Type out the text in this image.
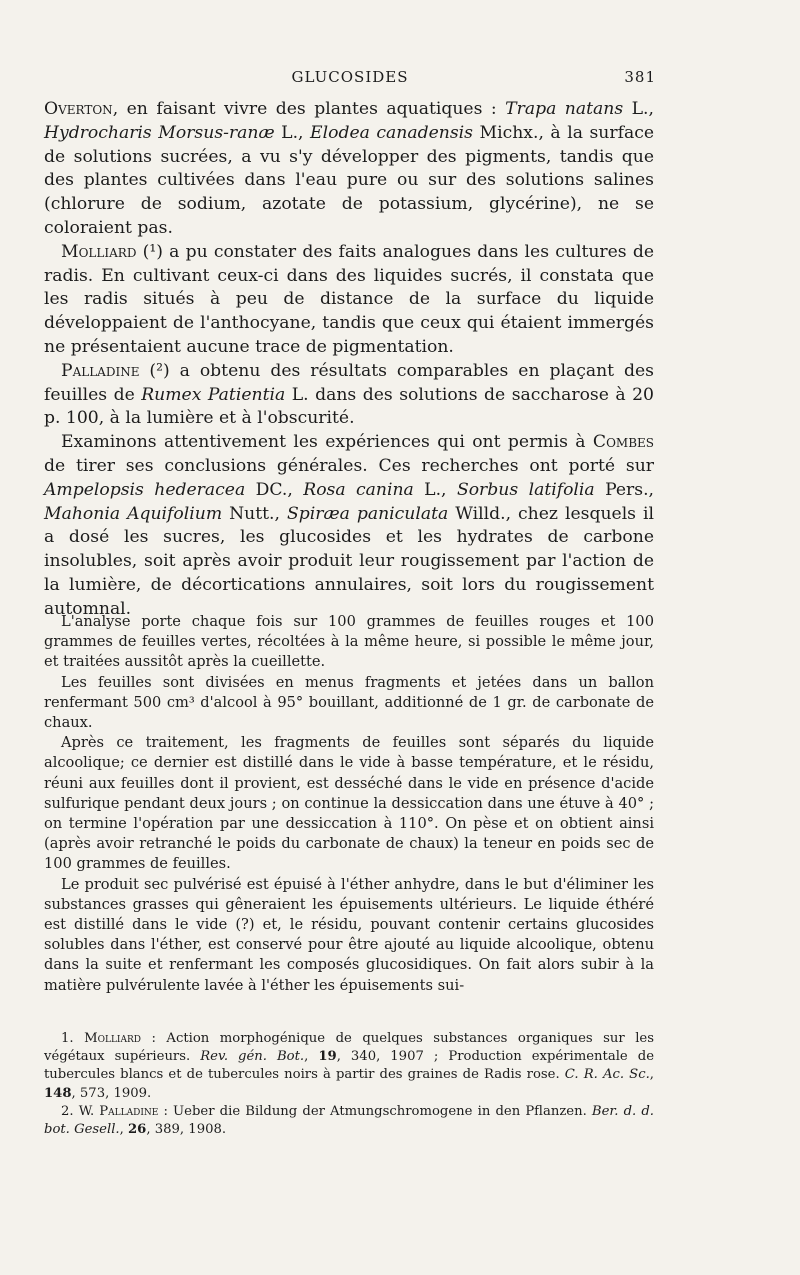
GLUCOSIDES	381

Overton, en faisant vivre des plantes aquatiques : Trapa natans L., Hydrocharis Morsus-ranæ L., Elodea canadensis Michx., à la surface de solutions sucrées, a vu s'y développer des pigments, tandis que des plantes cultivées dans l'eau pure ou sur des solutions salines (chlorure de sodium, azotate de potassium, glycérine), ne se coloraient pas.

Molliard (¹) a pu constater des faits analogues dans les cultures de radis. En cultivant ceux-ci dans des liquides sucrés, il constata que les radis situés à peu de distance de la surface du liquide développaient de l'anthocyane, tandis que ceux qui étaient immergés ne présentaient aucune trace de pigmentation.

Palladine (²) a obtenu des résultats comparables en plaçant des feuilles de Rumex Patientia L. dans des solutions de saccharose à 20 p. 100, à la lumière et à l'obscurité.

Examinons attentivement les expériences qui ont permis à Combes de tirer ses conclusions générales. Ces recherches ont porté sur Ampelopsis hederacea DC., Rosa canina L., Sorbus latifolia Pers., Mahonia Aquifolium Nutt., Spiræa paniculata Willd., chez lesquels il a dosé les sucres, les glucosides et les hydrates de carbone insolubles, soit après avoir produit leur rougissement par l'action de la lumière, de décortications annulaires, soit lors du rougissement automnal.

L'analyse porte chaque fois sur 100 grammes de feuilles rouges et 100 grammes de feuilles vertes, récoltées à la même heure, si possible le même jour, et traitées aussitôt après la cueillette.

Les feuilles sont divisées en menus fragments et jetées dans un ballon renfermant 500 cm³ d'alcool à 95° bouillant, additionné de 1 gr. de carbonate de chaux.

Après ce traitement, les fragments de feuilles sont séparés du liquide alcoolique; ce dernier est distillé dans le vide à basse température, et le résidu, réuni aux feuilles dont il provient, est desséché dans le vide en présence d'acide sulfurique pendant deux jours ; on continue la dessiccation dans une étuve à 40° ; on termine l'opération par une dessiccation à 110°. On pèse et on obtient ainsi (après avoir retranché le poids du carbonate de chaux) la teneur en poids sec de 100 grammes de feuilles.

Le produit sec pulvérisé est épuisé à l'éther anhydre, dans le but d'éliminer les substances grasses qui gêneraient les épuisements ultérieurs. Le liquide éthéré est distillé dans le vide (?) et, le résidu, pouvant contenir certains glucosides solubles dans l'éther, est conservé pour être ajouté au liquide alcoolique, obtenu dans la suite et renfermant les composés glucosidiques. On fait alors subir à la matière pulvérulente lavée à l'éther les épuisements sui-

1. Molliard : Action morphogénique de quelques substances organiques sur les végétaux supérieurs. Rev. gén. Bot., 19, 340, 1907 ; Production expérimentale de tubercules blancs et de tubercules noirs à partir des graines de Radis rose. C. R. Ac. Sc., 148, 573, 1909.

2. W. Palladine : Ueber die Bildung der Atmungschromogene in den Pflanzen. Ber. d. d. bot. Gesell., 26, 389, 1908.
